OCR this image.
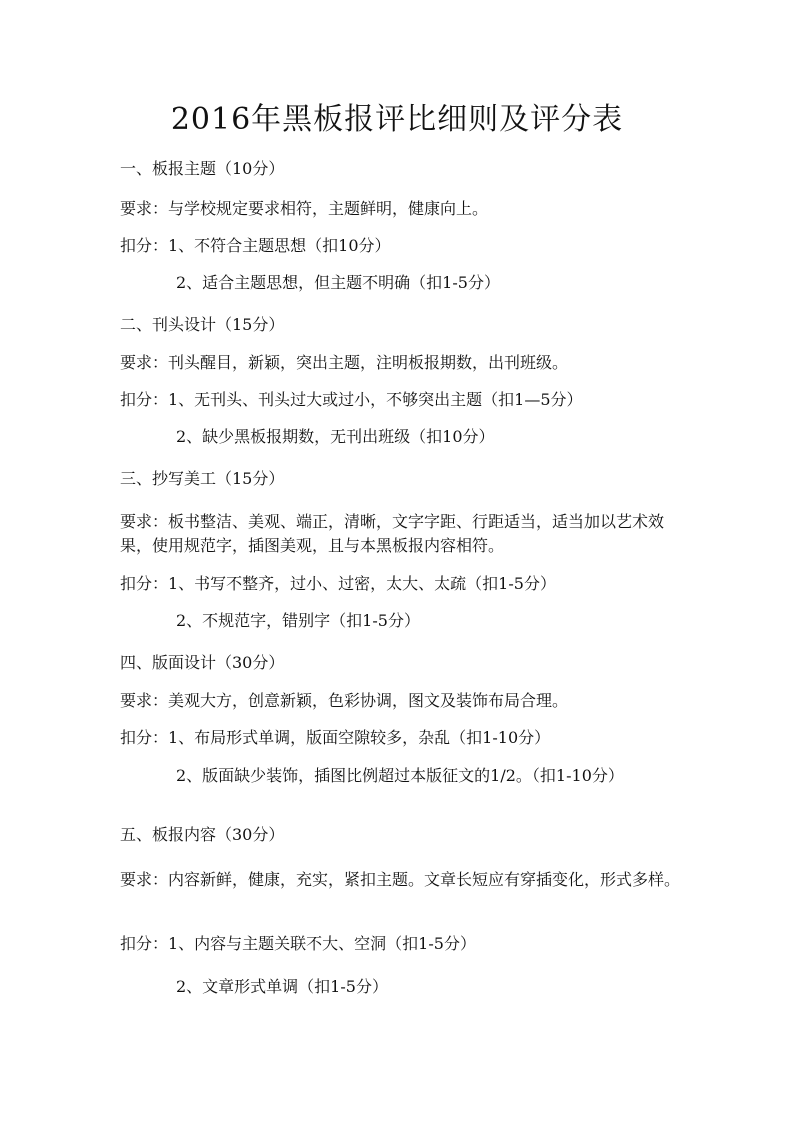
2016年黑板报评比细则及评分表

一、板报主题（10分）

要求：与学校规定要求相符，主题鲜明，健康向上。

扣分：1、不符合主题思想（扣10分）

2、适合主题思想，但主题不明确（扣1-5分）

二、刊头设计（15分）

要求：刊头醒目，新颖，突出主题，注明板报期数，出刊班级。

扣分：1、无刊头、刊头过大或过小，不够突出主题（扣1—5分）

2、缺少黑板报期数，无刊出班级（扣10分）

三、抄写美工（15分）

要求：板书整洁、美观、端正，清晰，文字字距、行距适当，适当加以艺术效果，使用规范字，插图美观，且与本黑板报内容相符。

扣分：1、书写不整齐，过小、过密，太大、太疏（扣1-5分）

2、不规范字，错别字（扣1-5分）

四、版面设计（30分）

要求：美观大方，创意新颖，色彩协调，图文及装饰布局合理。

扣分：1、布局形式单调，版面空隙较多，杂乱（扣1-10分）

2、版面缺少装饰，插图比例超过本版征文的1/2。（扣1-10分）

五、板报内容（30分）

要求：内容新鲜，健康，充实，紧扣主题。文章长短应有穿插变化，形式多样。

扣分：1、内容与主题关联不大、空洞（扣1-5分）

2、文章形式单调（扣1-5分）
